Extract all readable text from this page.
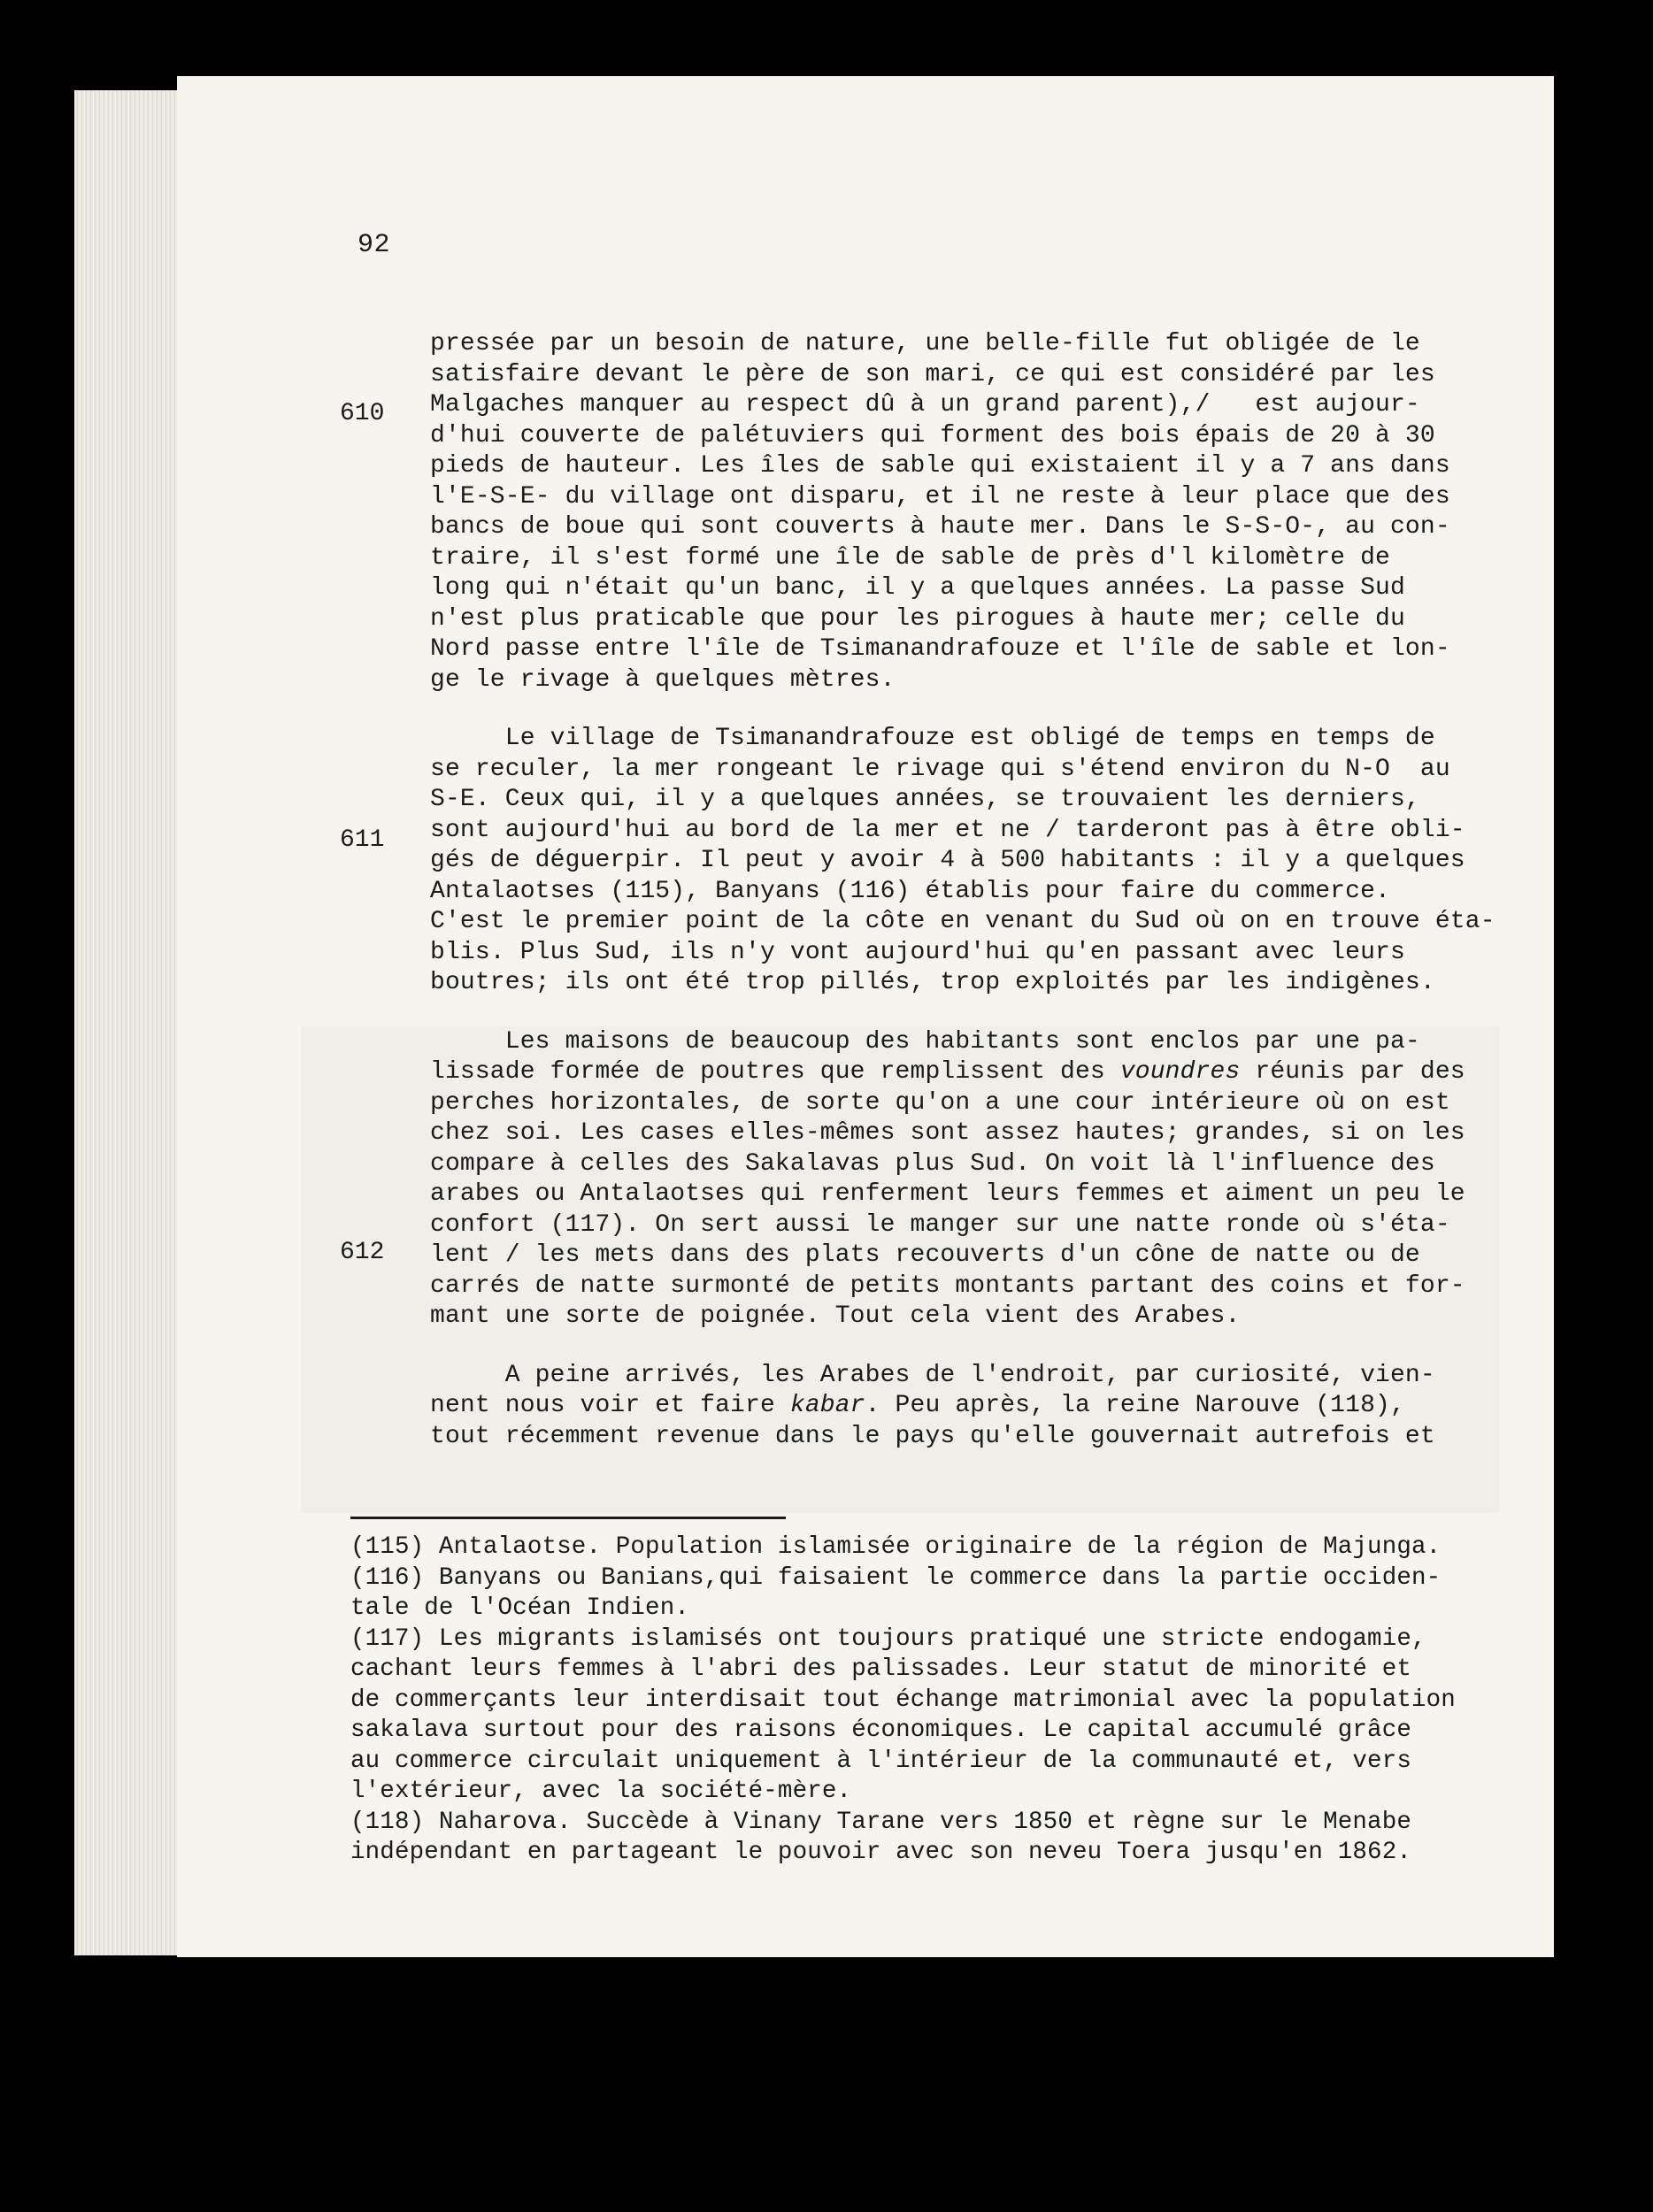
92
610
611
612
pressée par un besoin de nature, une belle-fille fut obligée de le
satisfaire devant le père de son mari, ce qui est considéré par les
Malgaches manquer au respect dû à un grand parent),/   est aujour-
d'hui couverte de palétuviers qui forment des bois épais de 20 à 30
pieds de hauteur. Les îles de sable qui existaient il y a 7 ans dans
l'E-S-E- du village ont disparu, et il ne reste à leur place que des
bancs de boue qui sont couverts à haute mer. Dans le S-S-O-, au con-
traire, il s'est formé une île de sable de près d'l kilomètre de
long qui n'était qu'un banc, il y a quelques années. La passe Sud
n'est plus praticable que pour les pirogues à haute mer; celle du
Nord passe entre l'île de Tsimanandrafouze et l'île de sable et lon-
ge le rivage à quelques mètres.
Le village de Tsimanandrafouze est obligé de temps en temps de
se reculer, la mer rongeant le rivage qui s'étend environ du N-O  au
S-E. Ceux qui, il y a quelques années, se trouvaient les derniers,
sont aujourd'hui au bord de la mer et ne / tarderont pas à être obli-
gés de déguerpir. Il peut y avoir 4 à 500 habitants : il y a quelques
Antalaotses (115), Banyans (116) établis pour faire du commerce.
C'est le premier point de la côte en venant du Sud où on en trouve éta-
blis. Plus Sud, ils n'y vont aujourd'hui qu'en passant avec leurs
boutres; ils ont été trop pillés, trop exploités par les indigènes.
Les maisons de beaucoup des habitants sont enclos par une pa-
lissade formée de poutres que remplissent des voundres réunis par des
perches horizontales, de sorte qu'on a une cour intérieure où on est
chez soi. Les cases elles-mêmes sont assez hautes; grandes, si on les
compare à celles des Sakalavas plus Sud. On voit là l'influence des
arabes ou Antalaotses qui renferment leurs femmes et aiment un peu le
confort (117). On sert aussi le manger sur une natte ronde où s'éta-
lent / les mets dans des plats recouverts d'un cône de natte ou de
carrés de natte surmonté de petits montants partant des coins et for-
mant une sorte de poignée. Tout cela vient des Arabes.
A peine arrivés, les Arabes de l'endroit, par curiosité, vien-
nent nous voir et faire kabar. Peu après, la reine Narouve (118),
tout récemment revenue dans le pays qu'elle gouvernait autrefois et
(115) Antalaotse. Population islamisée originaire de la région de Majunga.
(116) Banyans ou Banians,qui faisaient le commerce dans la partie occiden-
tale de l'Océan Indien.
(117) Les migrants islamisés ont toujours pratiqué une stricte endogamie,
cachant leurs femmes à l'abri des palissades. Leur statut de minorité et
de commerçants leur interdisait tout échange matrimonial avec la population
sakalava surtout pour des raisons économiques. Le capital accumulé grâce
au commerce circulait uniquement à l'intérieur de la communauté et, vers
l'extérieur, avec la société-mère.
(118) Naharova. Succède à Vinany Tarane vers 1850 et règne sur le Menabe
indépendant en partageant le pouvoir avec son neveu Toera jusqu'en 1862.
